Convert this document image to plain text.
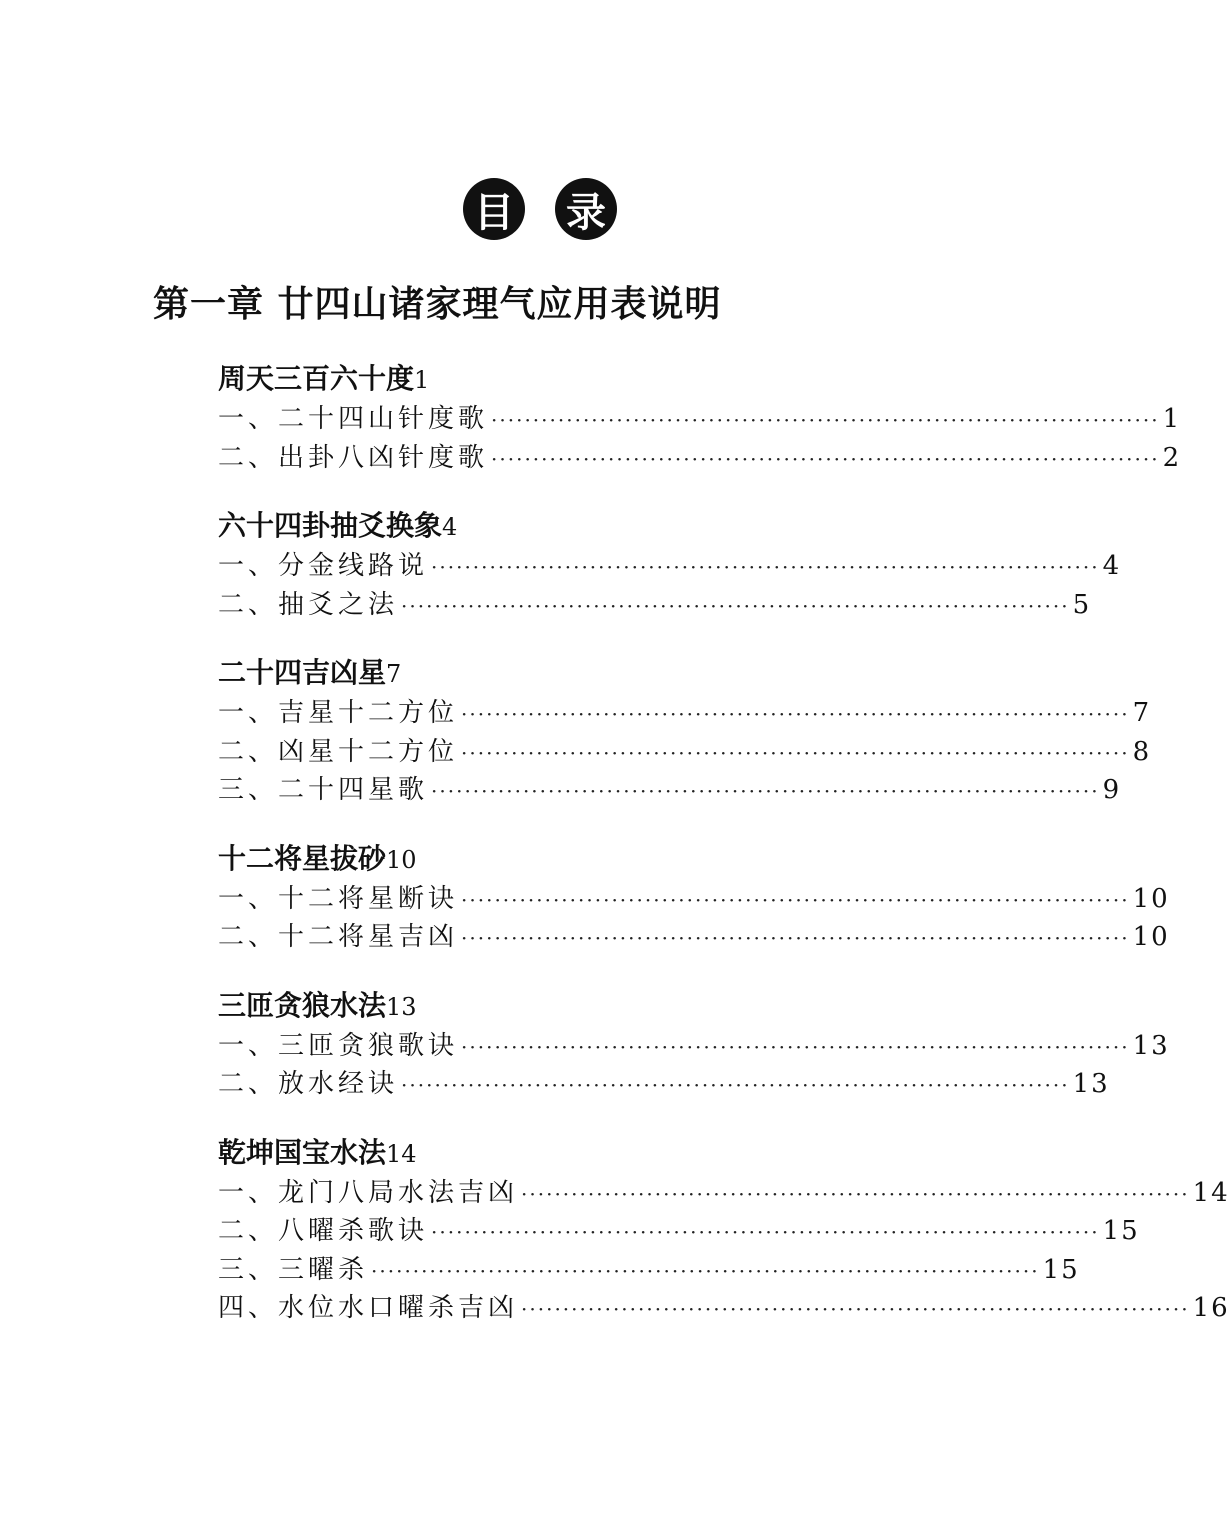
目 录
第一章 廿四山诸家理气应用表说明
周天三百六十度1
一、二十四山针度歌 ················································································ 1
二、出卦八凶针度歌 ················································································ 2
六十四卦抽爻换象4
一、分金线路说 ················································································ 4
二、抽爻之法 ················································································ 5
二十四吉凶星7
一、吉星十二方位 ················································································ 7
二、凶星十二方位 ················································································ 8
三、二十四星歌 ················································································ 9
十二将星拔砂10
一、十二将星断诀 ················································································ 10
二、十二将星吉凶 ················································································ 10
三匝贪狼水法13
一、三匝贪狼歌诀 ················································································ 13
二、放水经诀 ················································································ 13
乾坤国宝水法14
一、龙门八局水法吉凶 ················································································ 14
二、八曜杀歌诀 ················································································ 15
三、三曜杀 ················································································ 15
四、水位水口曜杀吉凶 ················································································ 16
